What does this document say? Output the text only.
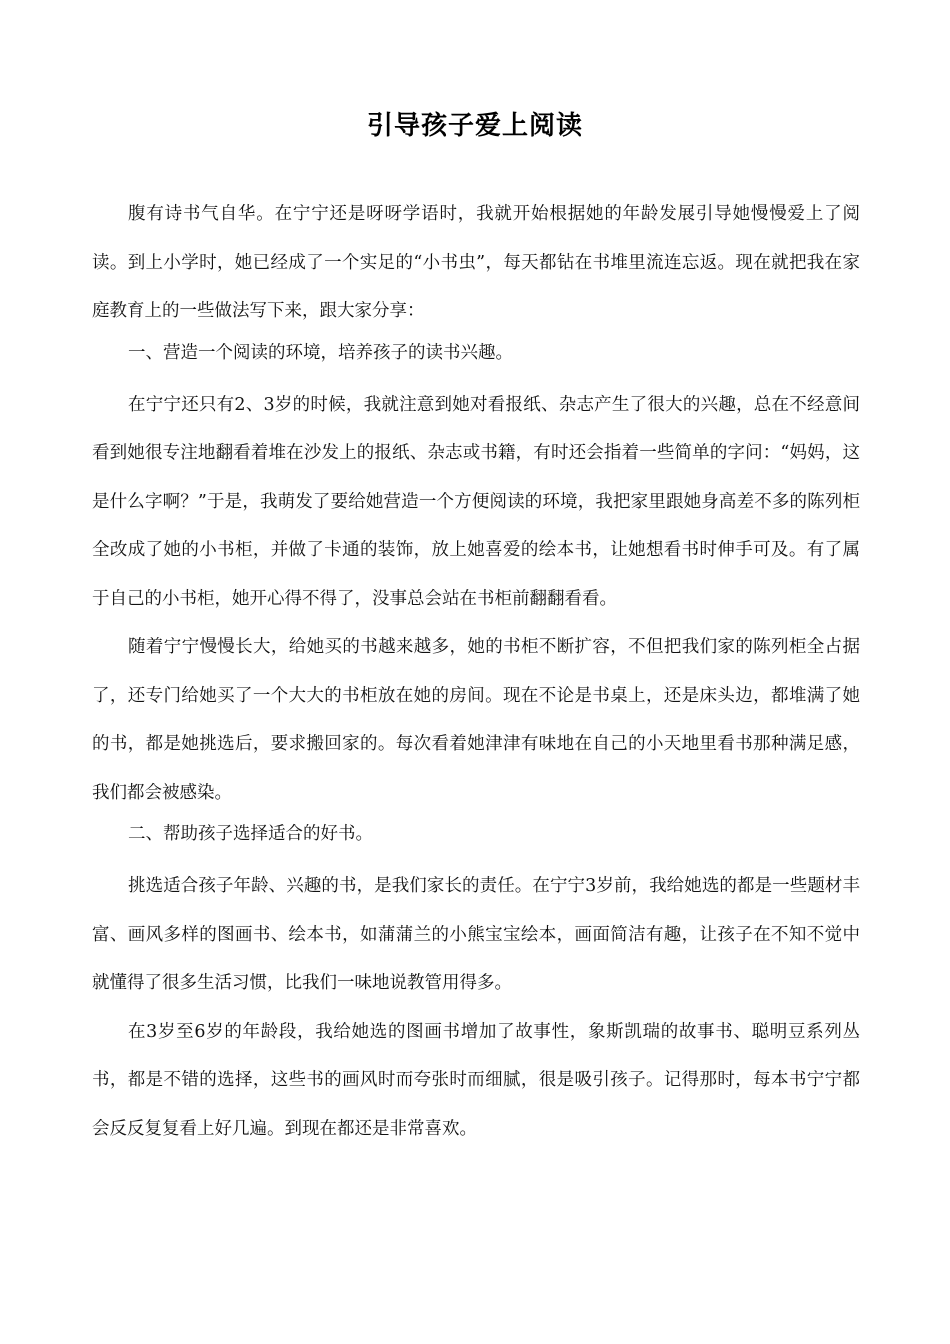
引导孩子爱上阅读

腹有诗书气自华。在宁宁还是呀呀学语时，我就开始根据她的年龄发展引导她慢慢爱上了阅读。到上小学时，她已经成了一个实足的“小书虫”，每天都钻在书堆里流连忘返。现在就把我在家庭教育上的一些做法写下来，跟大家分享：

一、营造一个阅读的环境，培养孩子的读书兴趣。

在宁宁还只有2、3岁的时候，我就注意到她对看报纸、杂志产生了很大的兴趣，总在不经意间看到她很专注地翻看着堆在沙发上的报纸、杂志或书籍，有时还会指着一些简单的字问：“妈妈，这是什么字啊？”于是，我萌发了要给她营造一个方便阅读的环境，我把家里跟她身高差不多的陈列柜全改成了她的小书柜，并做了卡通的装饰，放上她喜爱的绘本书，让她想看书时伸手可及。有了属于自己的小书柜，她开心得不得了，没事总会站在书柜前翻翻看看。

随着宁宁慢慢长大，给她买的书越来越多，她的书柜不断扩容，不但把我们家的陈列柜全占据了，还专门给她买了一个大大的书柜放在她的房间。现在不论是书桌上，还是床头边，都堆满了她的书，都是她挑选后，要求搬回家的。每次看着她津津有味地在自己的小天地里看书那种满足感，我们都会被感染。

二、帮助孩子选择适合的好书。

挑选适合孩子年龄、兴趣的书，是我们家长的责任。在宁宁3岁前，我给她选的都是一些题材丰富、画风多样的图画书、绘本书，如蒲蒲兰的小熊宝宝绘本，画面简洁有趣，让孩子在不知不觉中就懂得了很多生活习惯，比我们一味地说教管用得多。

在3岁至6岁的年龄段，我给她选的图画书增加了故事性，象斯凯瑞的故事书、聪明豆系列丛书，都是不错的选择，这些书的画风时而夸张时而细腻，很是吸引孩子。记得那时，每本书宁宁都会反反复复看上好几遍。到现在都还是非常喜欢。
